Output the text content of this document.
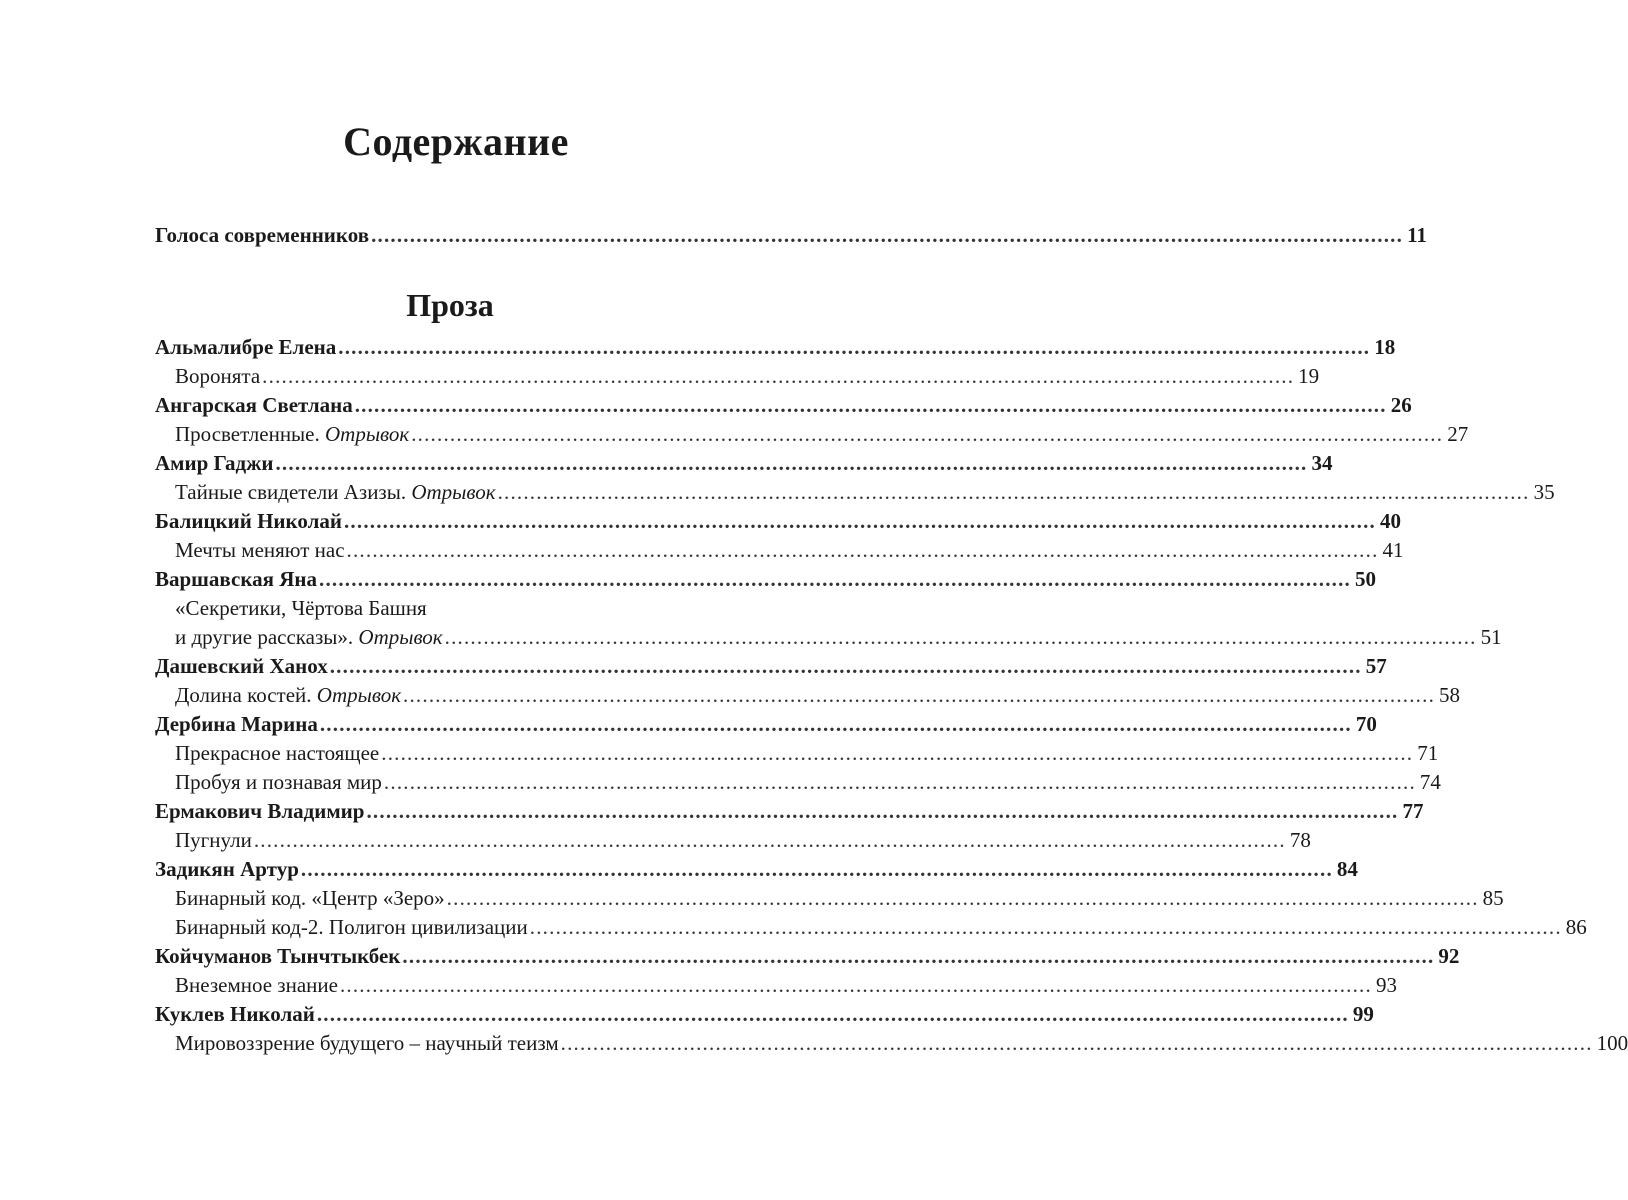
Содержание
Голоса современников ................................................................................................................................................................ 11
Проза
Альмалибре Елена ................................................................................................................................................................ 18
Воронята ................................................................................................................................................................ 19
Ангарская Светлана ................................................................................................................................................................ 26
Просветленные.
Отрывок ................................................................................................................................................................ 27
Амир Гаджи ................................................................................................................................................................ 34
Тайные свидетели Азизы.
Отрывок ................................................................................................................................................................ 35
Балицкий Николай ................................................................................................................................................................ 40
Мечты меняют нас ................................................................................................................................................................ 41
Варшавская Яна ................................................................................................................................................................ 50
«Секретики, Чёртова Башня
и другие рассказы».
Отрывок ................................................................................................................................................................ 51
Дашевский Ханох ................................................................................................................................................................ 57
Долина костей.
Отрывок ................................................................................................................................................................ 58
Дербина Марина ................................................................................................................................................................ 70
Прекрасное настоящее ................................................................................................................................................................ 71
Пробуя и познавая мир ................................................................................................................................................................ 74
Ермакович Владимир ................................................................................................................................................................ 77
Пугнули ................................................................................................................................................................ 78
Задикян Артур ................................................................................................................................................................ 84
Бинарный код. «Центр «Зеро» ................................................................................................................................................................ 85
Бинарный код-2. Полигон цивилизации ................................................................................................................................................................ 86
Койчуманов Тынчтыкбек ................................................................................................................................................................ 92
Внеземное знание ................................................................................................................................................................ 93
Куклев Николай ................................................................................................................................................................ 99
Мировоззрение будущего – научный теизм ................................................................................................................................................................ 100
